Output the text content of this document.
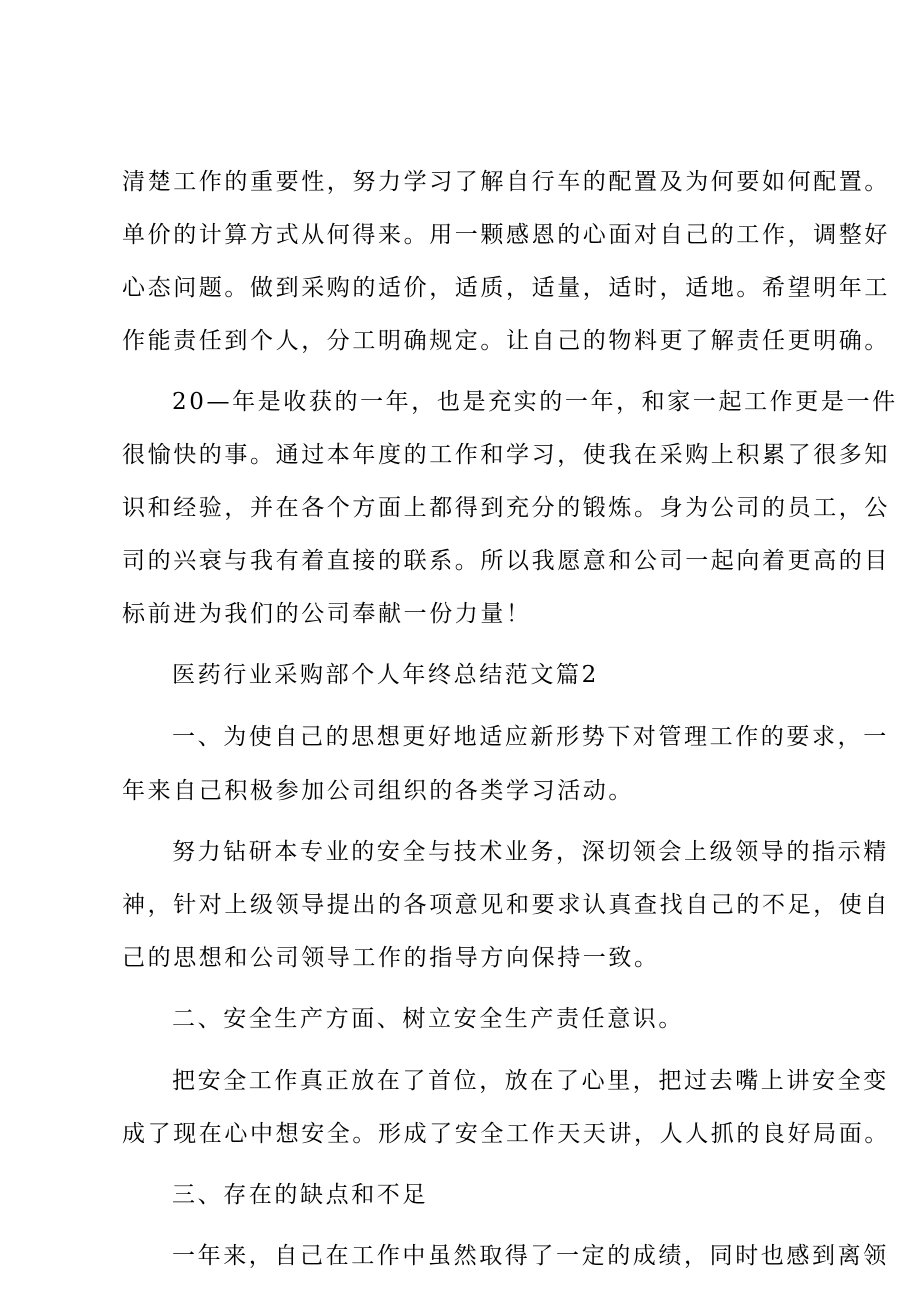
清楚工作的重要性，努力学习了解自行车的配置及为何要如何配置。
单价的计算方式从何得来。用一颗感恩的心面对自己的工作，调整好
心态问题。做到采购的适价，适质，适量，适时，适地。希望明年工
作能责任到个人，分工明确规定。让自己的物料更了解责任更明确。
20—年是收获的一年，也是充实的一年，和家一起工作更是一件
很愉快的事。通过本年度的工作和学习，使我在采购上积累了很多知
识和经验，并在各个方面上都得到充分的锻炼。身为公司的员工，公
司的兴衰与我有着直接的联系。所以我愿意和公司一起向着更高的目
标前进为我们的公司奉献一份力量！
医药行业采购部个人年终总结范文篇2
一、为使自己的思想更好地适应新形势下对管理工作的要求，一
年来自己积极参加公司组织的各类学习活动。
努力钻研本专业的安全与技术业务，深切领会上级领导的指示精
神，针对上级领导提出的各项意见和要求认真查找自己的不足，使自
己的思想和公司领导工作的指导方向保持一致。
二、安全生产方面、树立安全生产责任意识。
把安全工作真正放在了首位，放在了心里，把过去嘴上讲安全变
成了现在心中想安全。形成了安全工作天天讲，人人抓的良好局面。
三、存在的缺点和不足
一年来，自己在工作中虽然取得了一定的成绩，同时也感到离领
